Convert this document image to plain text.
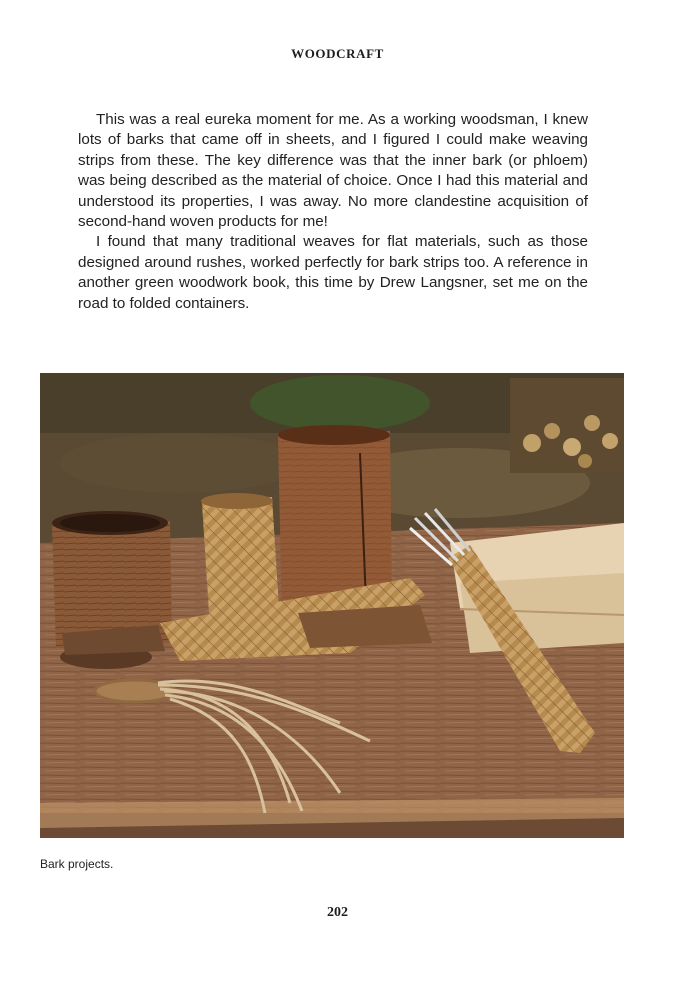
WOODCRAFT

This was a real eureka moment for me. As a working woodsman, I knew lots of barks that came off in sheets, and I figured I could make weaving strips from these. The key difference was that the inner bark (or phloem) was being described as the material of choice. Once I had this material and understood its properties, I was away. No more clandestine acquisition of second-hand woven products for me!

I found that many traditional weaves for flat materials, such as those designed around rushes, worked perfectly for bark strips too. A reference in another green woodwork book, this time by Drew Langsner, set me on the road to folded containers.

Bark projects.
202
